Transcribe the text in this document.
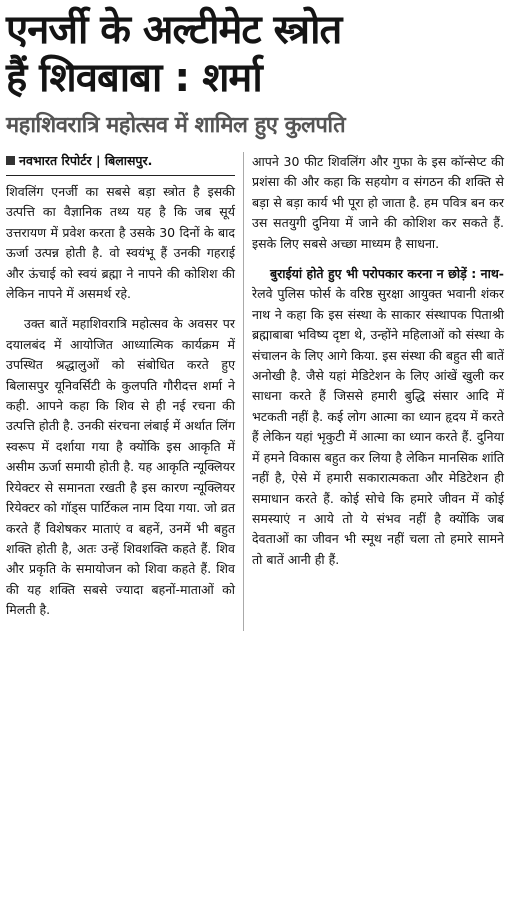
एनर्जी के अल्टीमेट स्त्रोत
हैं शिवबाबा : शर्मा
महाशिवरात्रि महोत्सव में शामिल हुए कुलपति
नवभारत रिपोर्टर | बिलासपुर.

शिवलिंग एनर्जी का सबसे बड़ा स्त्रोत है इसकी उत्पत्ति का वैज्ञानिक तथ्य यह है कि जब सूर्य उत्तरायण में प्रवेश करता है उसके 30 दिनों के बाद ऊर्जा उत्पन्न होती है. वो स्वयंभू हैं उनकी गहराई और ऊंचाई को स्वयं ब्रह्मा ने नापने की कोशिश की लेकिन नापने में असमर्थ रहे.

उक्त बातें महाशिवरात्रि महोत्सव के अवसर पर दयालबंद में आयोजित आध्यात्मिक कार्यक्रम में उपस्थित श्रद्धालुओं को संबोधित करते हुए बिलासपुर यूनिवर्सिटी के कुलपति गौरीदत्त शर्मा ने कही. आपने कहा कि शिव से ही नई रचना की उत्पत्ति होती है. उनकी संरचना लंबाई में अर्थात लिंग स्वरूप में दर्शाया गया है क्योंकि इस आकृति में असीम ऊर्जा समायी होती है. यह आकृति न्यूक्लियर रियेक्टर से समानता रखती है इस कारण न्यूक्लियर रियेक्टर को गॉड्स पार्टिकल नाम दिया गया. जो व्रत करते हैं विशेषकर माताएं व बहनें, उनमें भी बहुत शक्ति होती है, अतः उन्हें शिवशक्ति कहते हैं. शिव और प्रकृति के समायोजन को शिवा कहते हैं. शिव की यह शक्ति सबसे ज्यादा बहनों-माताओं को मिलती है.

आपने 30 फीट शिवलिंग और गुफा के इस कॉन्सेप्ट की प्रशंसा की और कहा कि सहयोग व संगठन की शक्ति से बड़ा से बड़ा कार्य भी पूरा हो जाता है. हम पवित्र बन कर उस सतयुगी दुनिया में जाने की कोशिश कर सकते हैं. इसके लिए सबसे अच्छा माध्यम है साधना.

बुराईयां होते हुए भी परोपकार करना न छोड़ें : नाथ- रेलवे पुलिस फोर्स के वरिष्ठ सुरक्षा आयुक्त भवानी शंकर नाथ ने कहा कि इस संस्था के साकार संस्थापक पिताश्री ब्रह्माबाबा भविष्य दृष्टा थे, उन्होंने महिलाओं को संस्था के संचालन के लिए आगे किया. इस संस्था की बहुत सी बातें अनोखी है. जैसे यहां मेडिटेशन के लिए आंखें खुली कर साधना करते हैं जिससे हमारी बुद्धि संसार आदि में भटकती नहीं है. कई लोग आत्मा का ध्यान हृदय में करते हैं लेकिन यहां भृकुटी में आत्मा का ध्यान करते हैं. दुनिया में हमने विकास बहुत कर लिया है लेकिन मानसिक शांति नहीं है, ऐसे में हमारी सकारात्मकता और मेडिटेशन ही समाधान करते हैं. कोई सोचे कि हमारे जीवन में कोई समस्याएं न आये तो ये संभव नहीं है क्योंकि जब देवताओं का जीवन भी स्मूथ नहीं चला तो हमारे सामने तो बातें आनी ही हैं.
